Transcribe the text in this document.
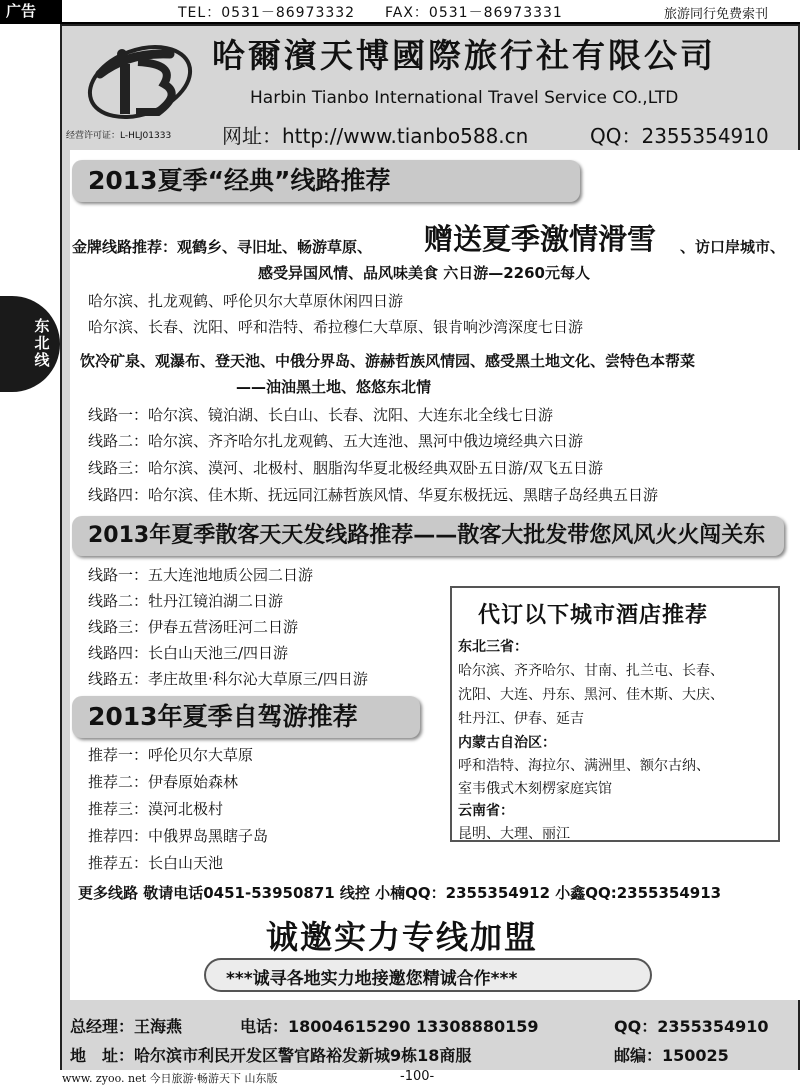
广告	TEL：0531－86973332 FAX：0531－86973331	旅游同行免费索刊
哈爾濱天博國際旅行社有限公司
Harbin Tianbo International Travel Service CO.,LTD
经营许可证：L-HLJ01333	网址：http://www.tianbo588.cn	QQ：2355354910
东北线
2013夏季“经典”线路推荐
金牌线路推荐：观鹤乡、寻旧址、畅游草原、 赠送夏季激情滑雪 、访口岸城市、
感受异国风情、品风味美食 六日游—2260元每人
哈尔滨、扎龙观鹤、呼伦贝尔大草原休闲四日游
哈尔滨、长春、沈阳、呼和浩特、希拉穆仁大草原、银肯响沙湾深度七日游
饮冷矿泉、观瀑布、登天池、中俄分界岛、游赫哲族风情园、感受黑土地文化、尝特色本帮菜
——油油黑土地、悠悠东北情
线路一：哈尔滨、镜泊湖、长白山、长春、沈阳、大连东北全线七日游
线路二：哈尔滨、齐齐哈尔扎龙观鹤、五大连池、黑河中俄边境经典六日游
线路三：哈尔滨、漠河、北极村、胭脂沟华夏北极经典双卧五日游/双飞五日游
线路四：哈尔滨、佳木斯、抚远同江赫哲族风情、华夏东极抚远、黑瞎子岛经典五日游
2013年夏季散客天天发线路推荐——散客大批发带您风风火火闯关东
线路一：五大连池地质公园二日游
线路二：牡丹江镜泊湖二日游
线路三：伊春五营汤旺河二日游
线路四：长白山天池三/四日游
线路五：孝庄故里·科尔沁大草原三/四日游
2013年夏季自驾游推荐
推荐一：呼伦贝尔大草原
推荐二：伊春原始森林
推荐三：漠河北极村
推荐四：中俄界岛黑瞎子岛
推荐五：长白山天池
代订以下城市酒店推荐
东北三省：
哈尔滨、齐齐哈尔、甘南、扎兰屯、长春、
沈阳、大连、丹东、黑河、佳木斯、大庆、
牡丹江、伊春、延吉
内蒙古自治区：
呼和浩特、海拉尔、满洲里、额尔古纳、
室韦俄式木刻楞家庭宾馆
云南省：
昆明、大理、丽江
更多线路 敬请电话0451-53950871 线控 小楠QQ：2355354912 小鑫QQ:2355354913
诚邀实力专线加盟
***诚寻各地实力地接邀您精诚合作***
总经理：王海燕	电话：18004615290 13308880159	QQ：2355354910
地　址：哈尔滨市利民开发区警官路裕发新城9栋18商服	邮编：150025
www. zyoo. net 今日旅游·畅游天下 山东版	-100-
